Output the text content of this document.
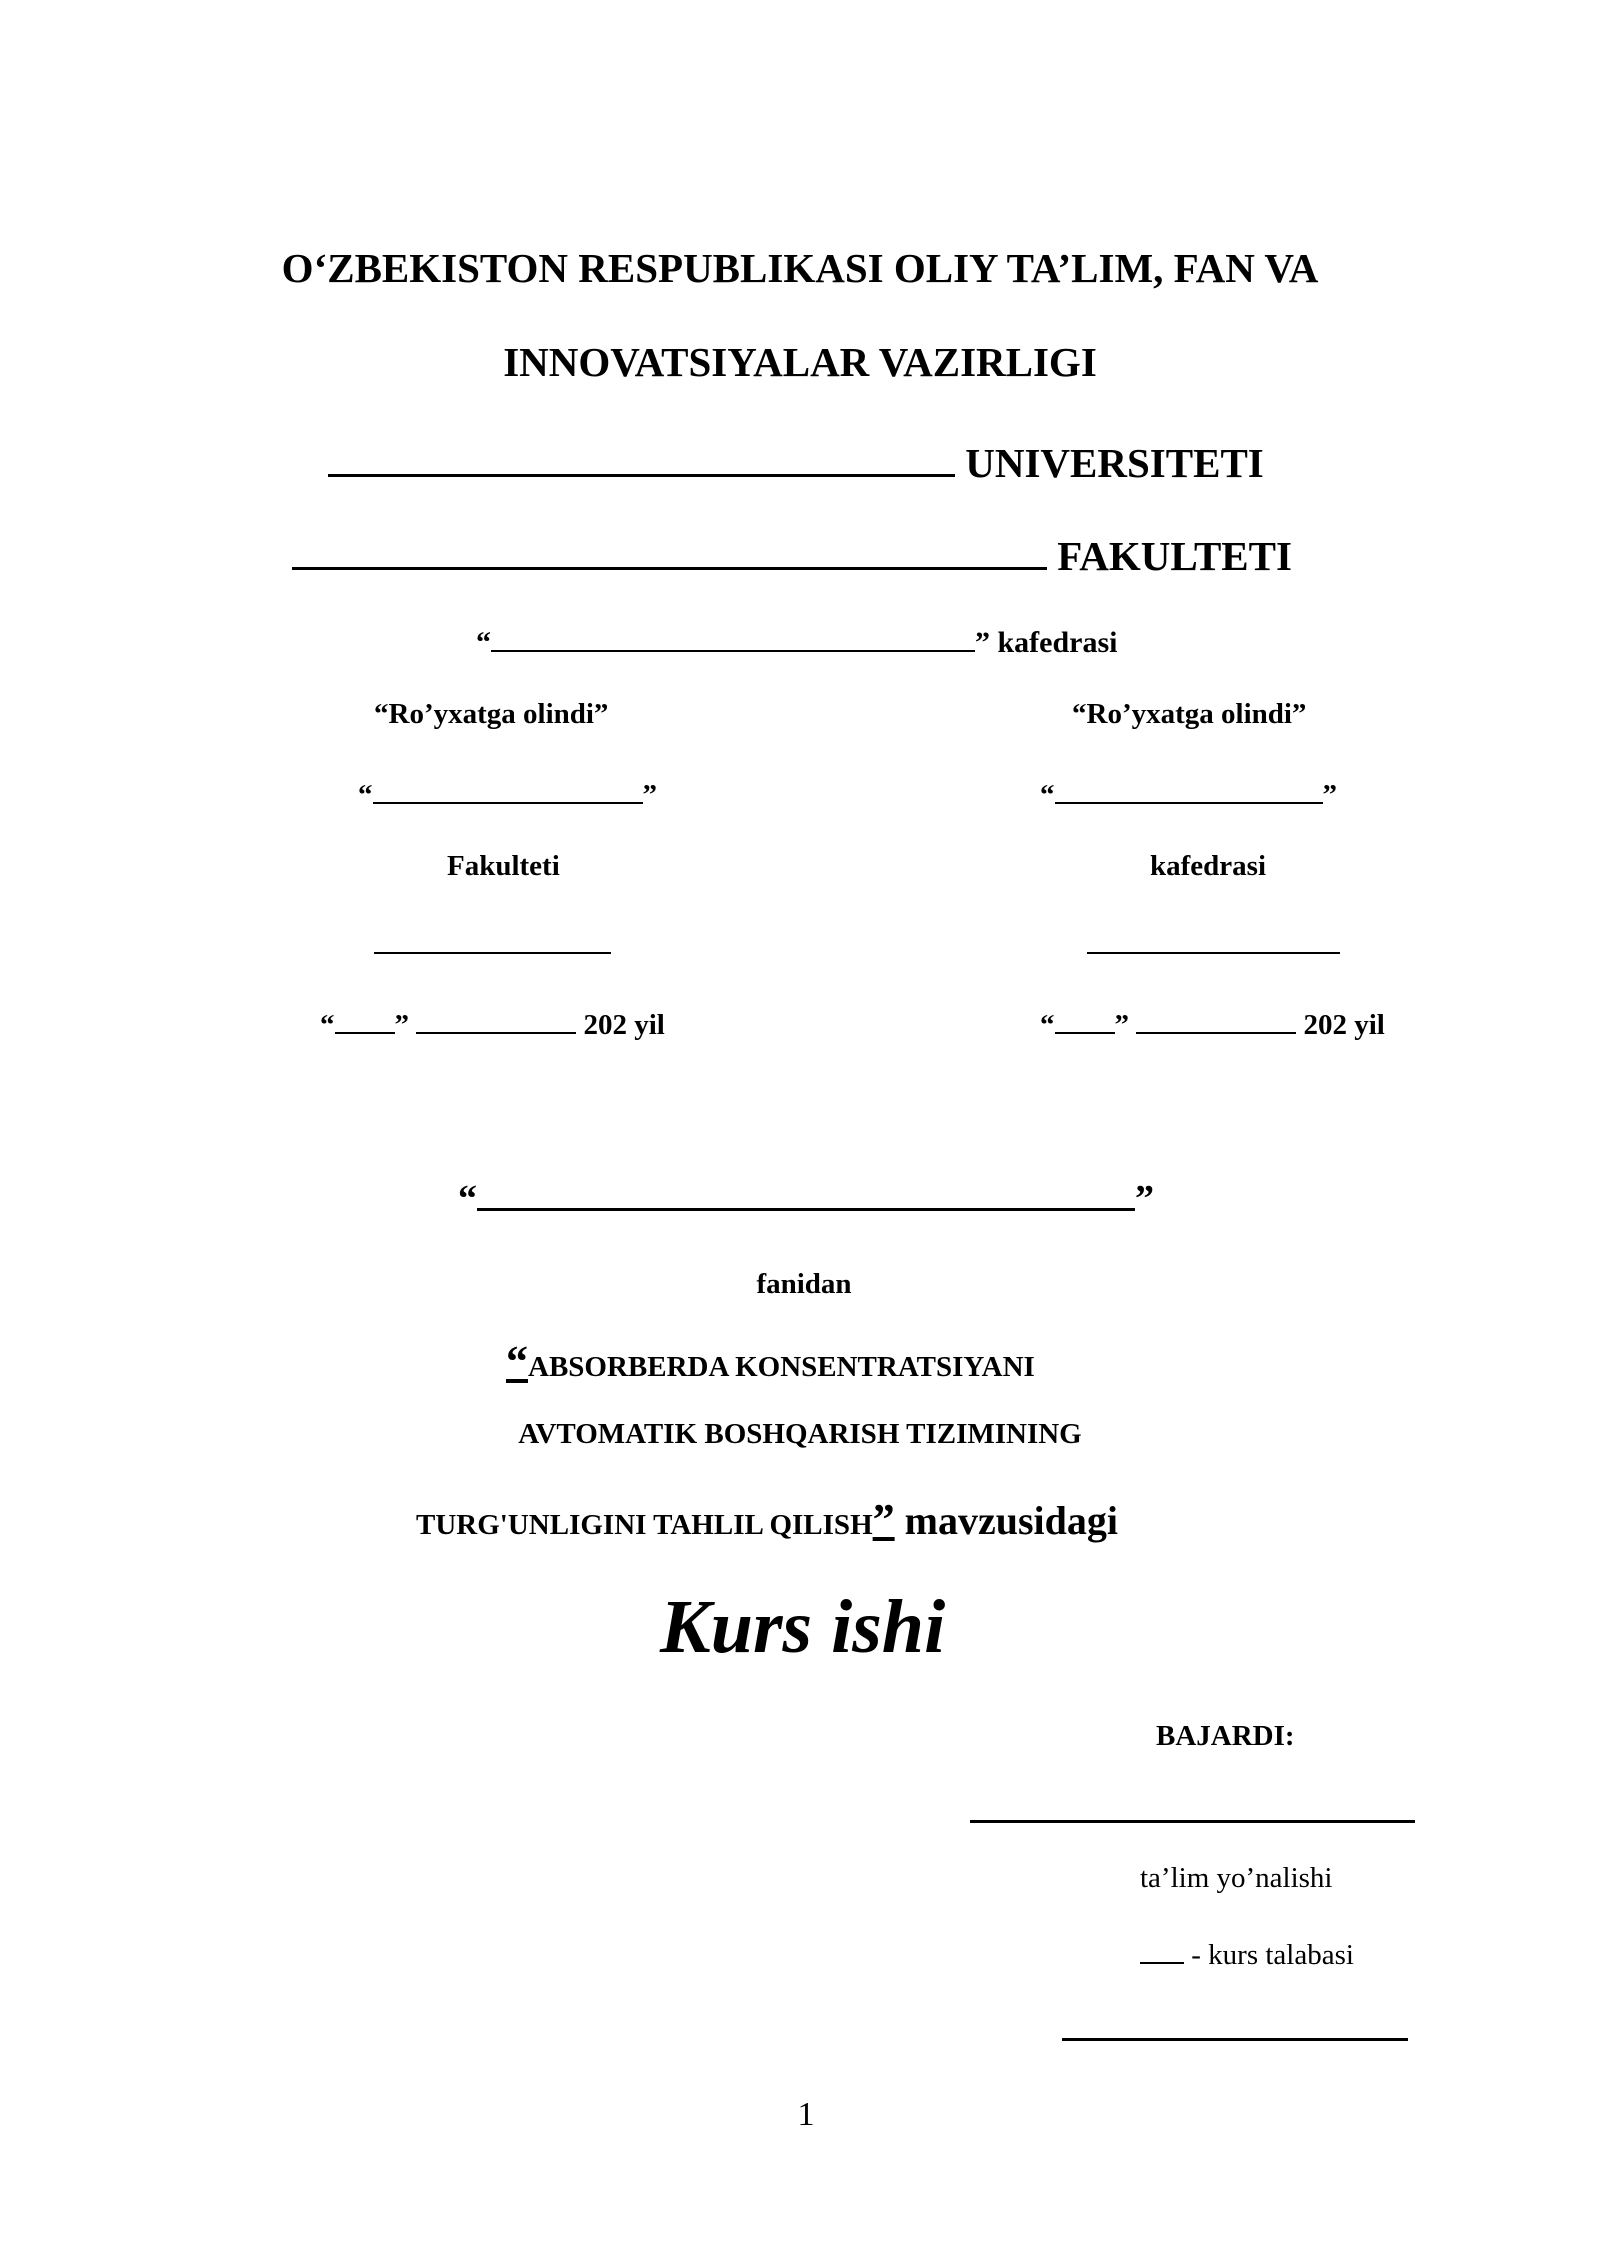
O‘ZBEKISTON RESPUBLIKASI OLIY TA’LIM, FAN VA
INNOVATSIYALAR VAZIRLIGI
UNIVERSITETI
FAKULTETI
“	” kafedrasi
“Ro’yxatga olindi”
“	”
Fakulteti
“ ”	202 yil
“Ro’yxatga olindi”
“	”
kafedrasi
“ ”	202 yil
“	”
fanidan
“ABSORBERDA KONSENTRATSIYANI
AVTOMATIK BOSHQARISH TIZIMINING
TURG'UNLIGINI TAHLIL QILISH” mavzusidagi
Kurs ishi
BAJARDI:
ta’lim yo’nalishi
- kurs talabasi
1
